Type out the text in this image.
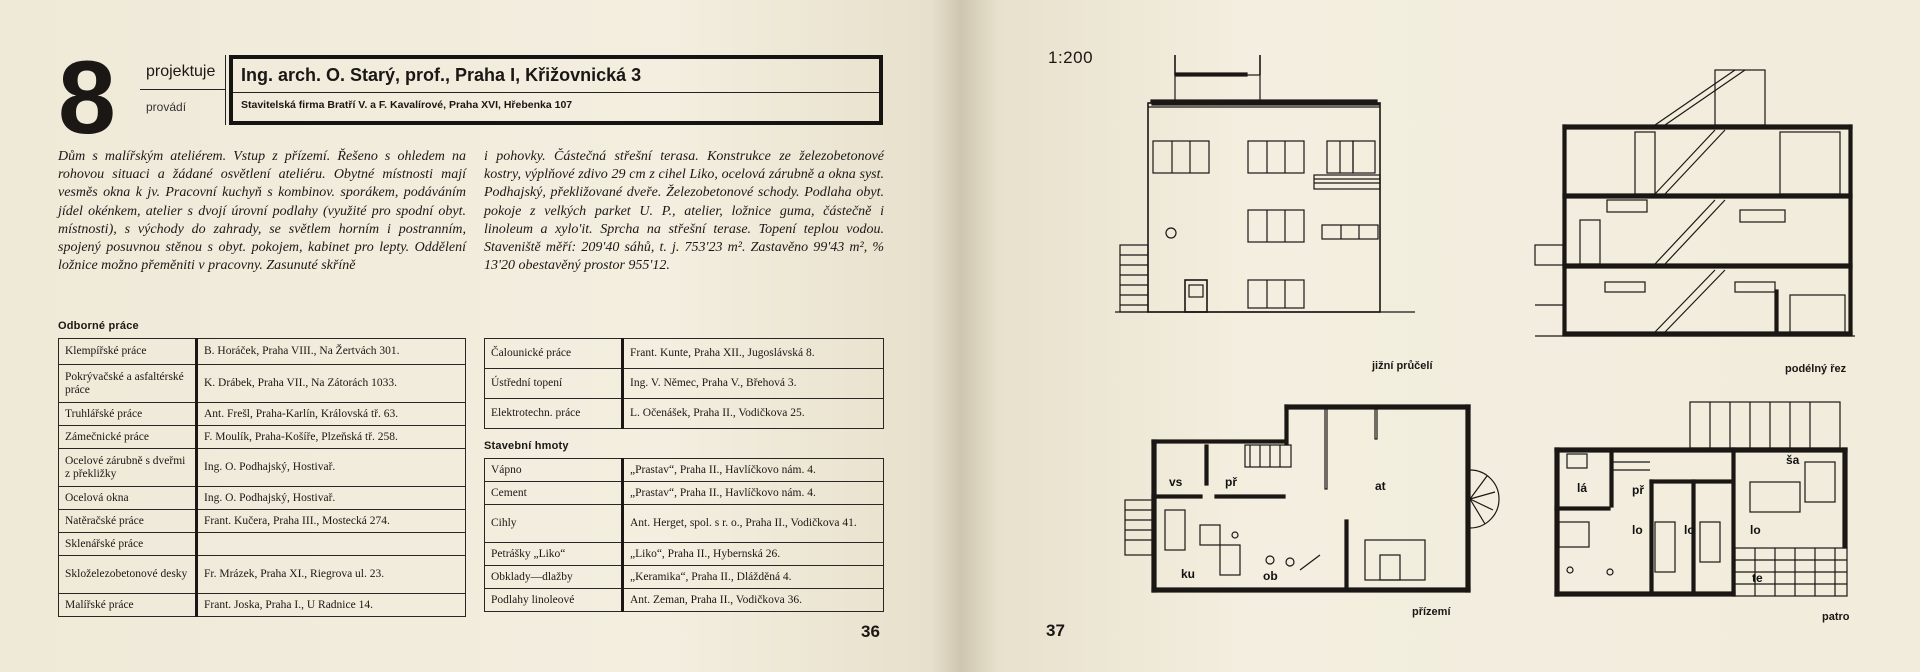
8	projektuje
provádí
Ing. arch. O. Starý, prof., Praha I, Křižovnická 3
Stavitelská firma Bratří V. a F. Kavalírové, Praha XVI, Hřebenka 107
Dům s malířským ateliérem. Vstup z přízemí. Řešeno s ohledem na rohovou situaci a žádané osvětlení ateliéru. Obytné místnosti mají vesměs okna k jv. Pracovní kuchyň s kombinov. sporákem, podáváním jídel okénkem, atelier s dvojí úrovní podlahy (využité pro spodní obyt. místnosti), s východy do zahrady, se světlem horním i postranním, spojený posuvnou stěnou s obyt. pokojem, kabinet pro lepty. Oddělení ložnice možno přeměniti v pracovny. Zasunuté skříně
i pohovky. Částečná střešní terasa. Konstrukce ze železobetonové kostry, výplňové zdivo 29 cm z cihel Liko, ocelová zárubně a okna syst. Podhajský, překližované dveře. Železobetonové schody. Podlaha obyt. pokoje z velkých parket U. P., atelier, ložnice guma, částečně i linoleum a xylo'it. Sprcha na střešní terase. Topení teplou vodou. Staveniště měří: 209'40 sáhů, t. j. 753'23 m². Zastavěno 99'43 m², % 13'20 obestavěný prostor 955'12.
Odborné práce
Klempířské práce	B. Horáček, Praha VIII., Na Žertvách 301.
Pokrývačské a asfaltérské práce	K. Drábek, Praha VII., Na Zátorách 1033.
Truhlářské práce	Ant. Frešl, Praha-Karlín, Královská tř. 63.
Zámečnické práce	F. Moulík, Praha-Košíře, Plzeňská tř. 258.
Ocelové zárubně s dveřmi z překližky	Ing. O. Podhajský, Hostivař.
Ocelová okna	Ing. O. Podhajský, Hostivař.
Natěračské práce	Frant. Kučera, Praha III., Mostecká 274.
Sklenářské práce	
Skloželezobetonové desky	Fr. Mrázek, Praha XI., Riegrova ul. 23.
Malířské práce	Frant. Joska, Praha I., U Radnice 14.
Čalounické práce	Frant. Kunte, Praha XII., Jugoslávská 8.
Ústřední topení	Ing. V. Němec, Praha V., Břehová 3.
Elektrotechn. práce	L. Očenášek, Praha II., Vodičkova 25.
Stavební hmoty
Vápno	„Prastav“, Praha II., Havlíčkovo nám. 4.
Cement	„Prastav“, Praha II., Havlíčkovo nám. 4.
Cihly	Ant. Herget, spol. s r. o., Praha II., Vodičkova 41.
Petrášky „Liko“	„Liko“, Praha II., Hybernská 26.
Obklady—dlažby	„Keramika“, Praha II., Dlážděná 4.
Podlahy linoleové	Ant. Zeman, Praha II., Vodičkova 36.
36

1:200
jižní průčelí	podélný řez
vs	př	at
ku	ob
přízemí
lá	př
ša
lo	lo	lo
te
patro
37
